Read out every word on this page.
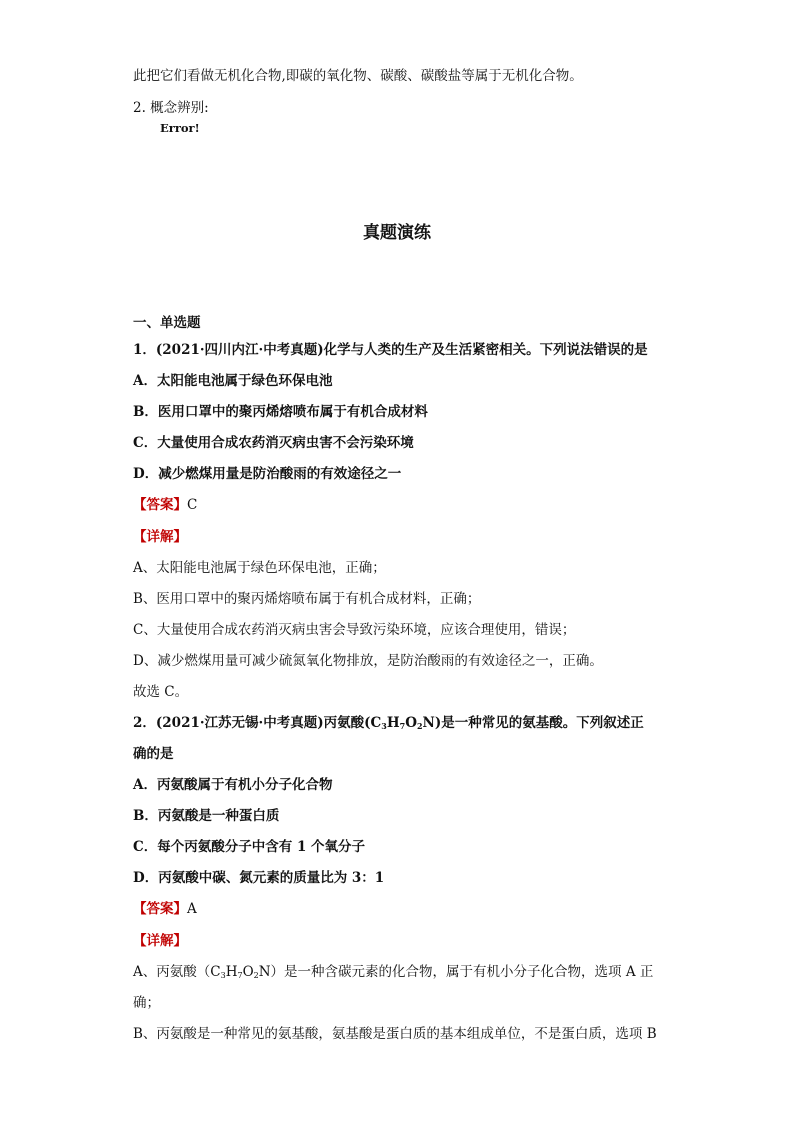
此把它们看做无机化合物,即碳的氧化物、碳酸、碳酸盐等属于无机化合物。
2. 概念辨别:
Error!
真题演练
一、单选题
1．(2021·四川内江·中考真题)化学与人类的生产及生活紧密相关。下列说法错误的是
A．太阳能电池属于绿色环保电池
B．医用口罩中的聚丙烯熔喷布属于有机合成材料
C．大量使用合成农药消灭病虫害不会污染环境
D．减少燃煤用量是防治酸雨的有效途径之一
【答案】C
【详解】
A、太阳能电池属于绿色环保电池，正确；
B、医用口罩中的聚丙烯熔喷布属于有机合成材料，正确；
C、大量使用合成农药消灭病虫害会导致污染环境，应该合理使用，错误；
D、减少燃煤用量可减少硫氮氧化物排放，是防治酸雨的有效途径之一，正确。
故选 C。
2．(2021·江苏无锡·中考真题)丙氨酸$(C_3H_7O_2N)$是一种常见的氨基酸。下列叙述正
确的是
A．丙氨酸属于有机小分子化合物
B．丙氨酸是一种蛋白质
C．每个丙氨酸分子中含有 1 个氧分子
D．丙氨酸中碳、氮元素的质量比为 3：1
【答案】A
【详解】
A、丙氨酸$(C_3H_7O_2N)$是一种含碳元素的化合物，属于有机小分子化合物，选项 A 正
确；
B、丙氨酸是一种常见的氨基酸，氨基酸是蛋白质的基本组成单位，不是蛋白质，选项 B
